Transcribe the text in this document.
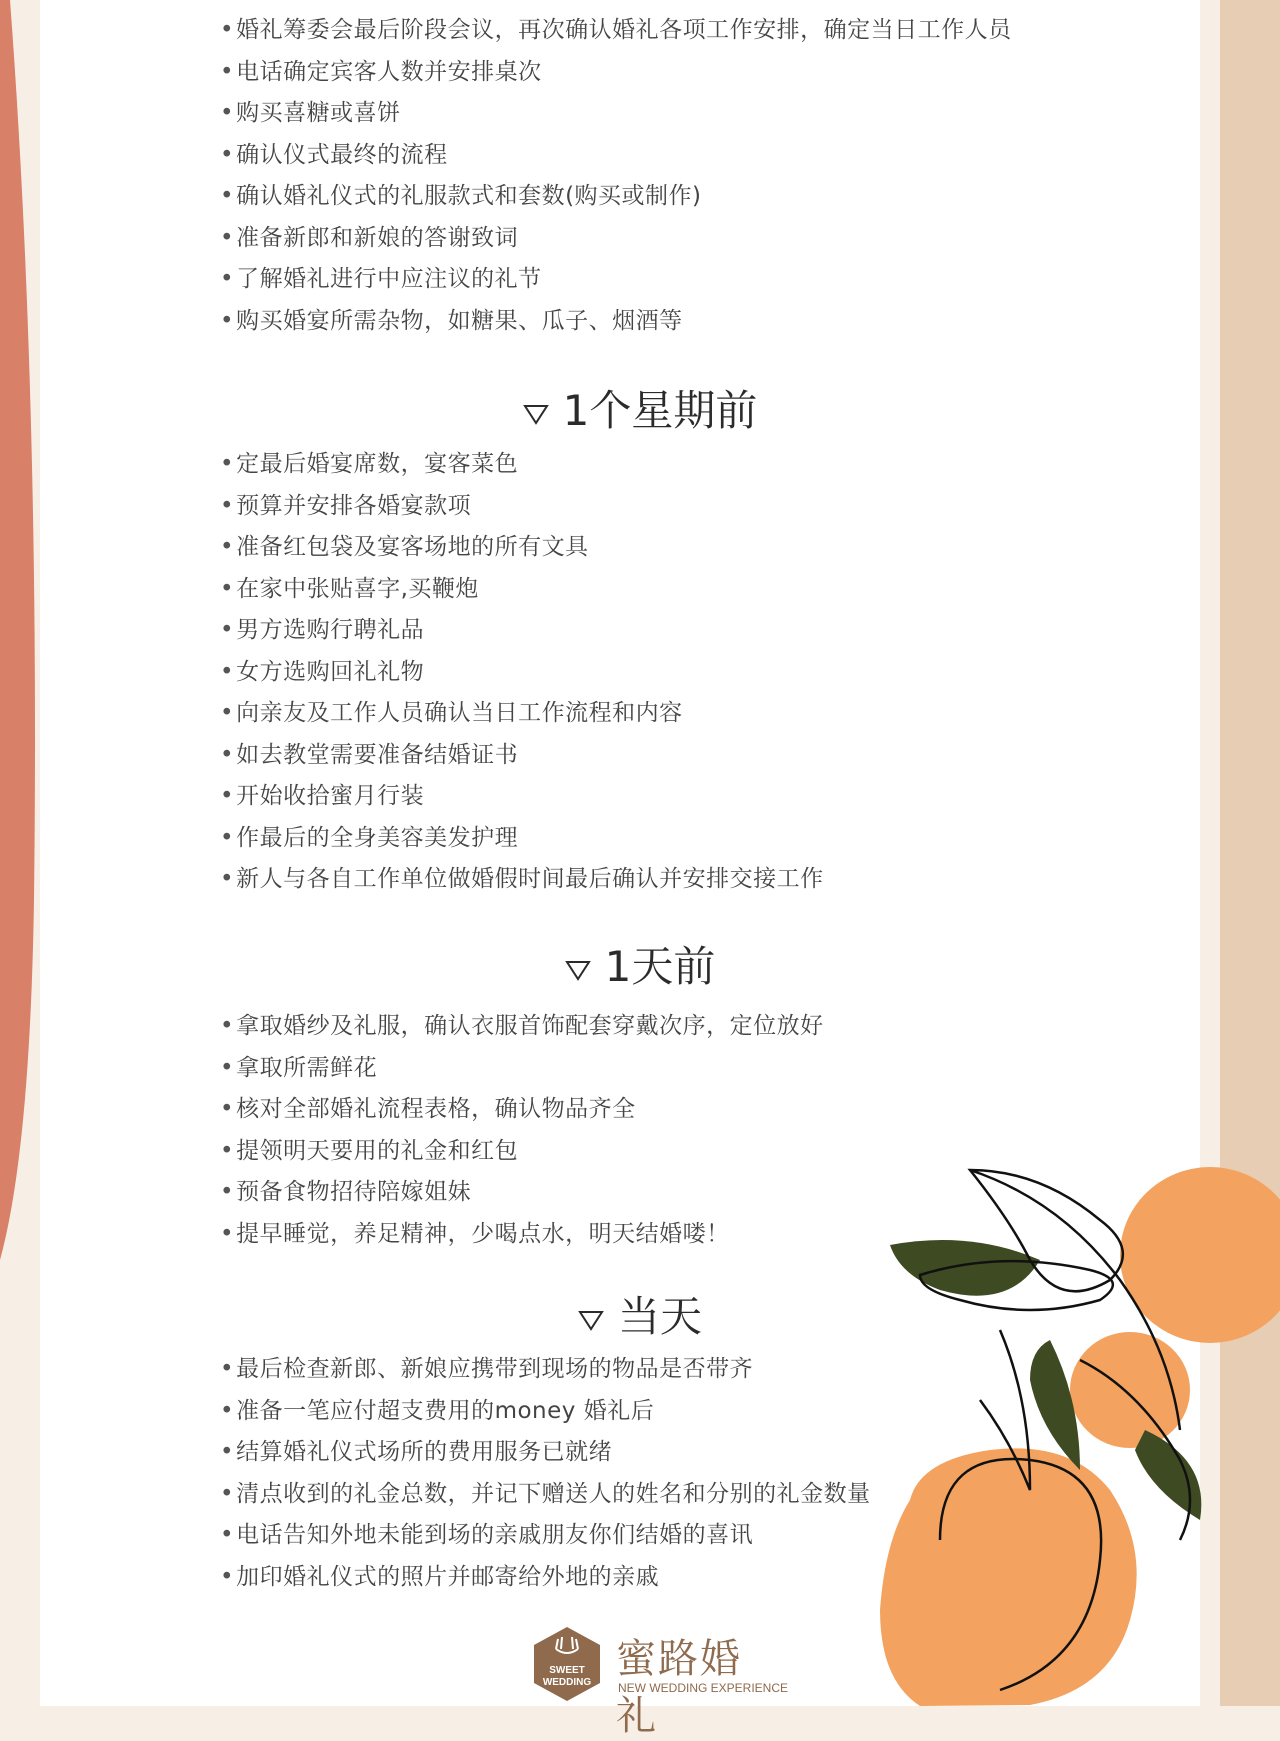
• 婚礼筹委会最后阶段会议，再次确认婚礼各项工作安排，确定当日工作人员
• 电话确定宾客人数并安排桌次
• 购买喜糖或喜饼
• 确认仪式最终的流程
• 确认婚礼仪式的礼服款式和套数(购买或制作)
• 准备新郎和新娘的答谢致词
• 了解婚礼进行中应注议的礼节
• 购买婚宴所需杂物，如糖果、瓜子、烟酒等
1个星期前
• 定最后婚宴席数，宴客菜色
• 预算并安排各婚宴款项
• 准备红包袋及宴客场地的所有文具
• 在家中张贴喜字,买鞭炮
• 男方选购行聘礼品
• 女方选购回礼礼物
• 向亲友及工作人员确认当日工作流程和内容
• 如去教堂需要准备结婚证书
• 开始收拾蜜月行装
• 作最后的全身美容美发护理
• 新人与各自工作单位做婚假时间最后确认并安排交接工作
1天前
• 拿取婚纱及礼服，确认衣服首饰配套穿戴次序，定位放好
• 拿取所需鲜花
• 核对全部婚礼流程表格，确认物品齐全
• 提领明天要用的礼金和红包
• 预备食物招待陪嫁姐妹
• 提早睡觉，养足精神，少喝点水，明天结婚喽！
当天
• 最后检查新郎、新娘应携带到现场的物品是否带齐
• 准备一笔应付超支费用的money 婚礼后
• 结算婚礼仪式场所的费用服务已就绪
• 清点收到的礼金总数，并记下赠送人的姓名和分别的礼金数量
• 电话告知外地未能到场的亲戚朋友你们结婚的喜讯
• 加印婚礼仪式的照片并邮寄给外地的亲戚
SWEET
WEDDING
蜜路婚礼
NEW WEDDING EXPERIENCE
